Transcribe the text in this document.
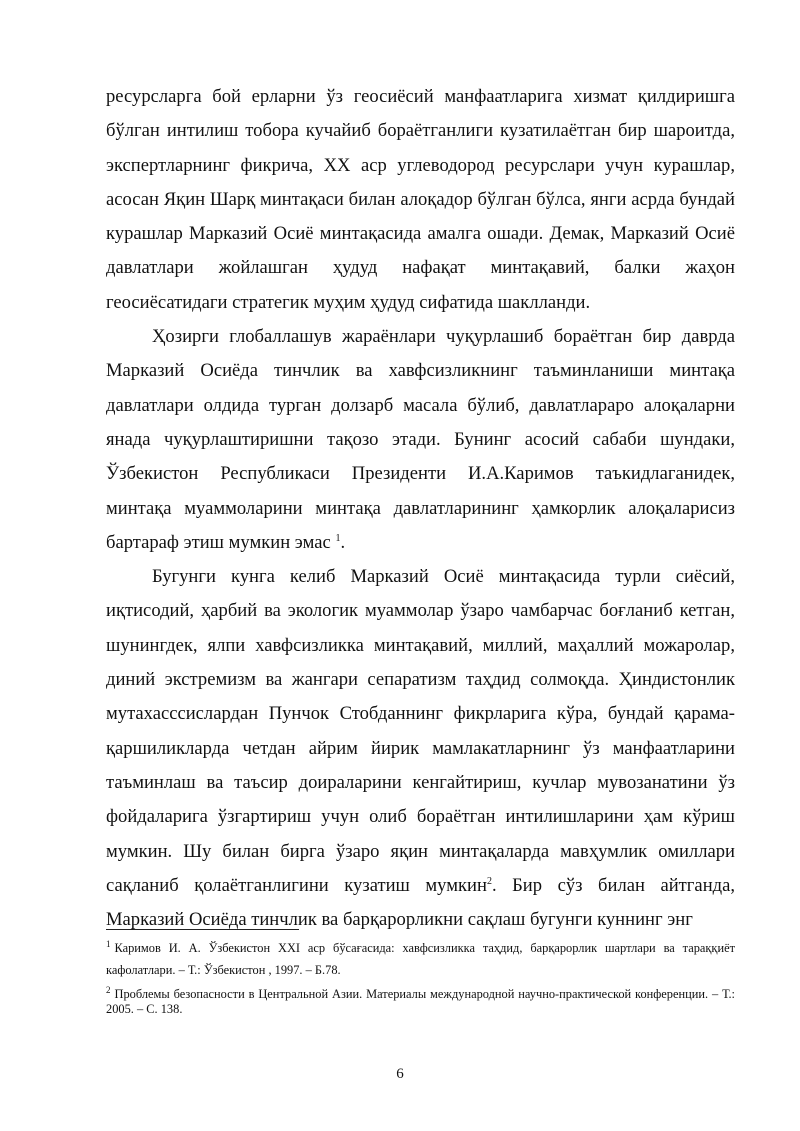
ресурсларга бой ерларни ўз геосиёсий манфаатларига хизмат қилдиришга бўлган интилиш тобора кучайиб бораётганлиги кузатилаётган бир шароитда, экспертларнинг фикрича, ХХ аср углеводород ресурслари учун курашлар, асосан Яқин Шарқ минтақаси билан алоқадор бўлган бўлса, янги асрда бундай курашлар Марказий Осиё минтақасида амалга ошади. Демак, Марказий Осиё давлатлари жойлашган ҳудуд нафақат минтақавий, балки жаҳон геосиёсатидаги стратегик муҳим ҳудуд сифатида шаклланди.

Ҳозирги глобаллашув жараёнлари чуқурлашиб бораётган бир даврда Марказий Осиёда тинчлик ва хавфсизликнинг таъминланиши минтақа давлатлари олдида турган долзарб масала бўлиб, давлатлараро алоқаларни янада чуқурлаштиришни тақозо этади. Бунинг асосий сабаби шундаки, Ўзбекистон Республикаси Президенти И.А.Каримов таъкидлаганидек, минтақа муаммоларини минтақа давлатларининг ҳамкорлик алоқаларисиз бартараф этиш мумкин эмас $^1$.

Бугунги кунга келиб Марказий Осиё минтақасида турли сиёсий, иқтисодий, ҳарбий ва экологик муаммолар ўзаро чамбарчас боғланиб кетган, шунингдек, ялпи хавфсизликка минтақавий, миллий, маҳаллий можаролар, диний экстремизм ва жангари сепаратизм таҳдид солмоқда. Ҳиндистонлик мутахасссислардан Пунчок Стобданнинг фикрларига кўра, бундай қарама-қаршиликларда четдан айрим йирик мамлакатларнинг ўз манфаатларини таъминлаш ва таъсир доираларини кенгайтириш, кучлар мувозанатини ўз фойдаларига ўзгартириш учун олиб бораётган интилишларини ҳам кўриш мумкин. Шу билан бирга ўзаро яқин минтақаларда мавҳумлик омиллари сақланиб қолаётганлигини кузатиш мумкин$^2$. Бир сўз билан айтганда, Марказий Осиёда тинчлик ва барқарорликни сақлаш бугунги куннинг энг

$^1$ Каримов И. А. Ўзбекистон XXI аср бўсағасида: хавфсизликка таҳдид, барқарорлик шартлари ва тараққиёт кафолатлари. – Т.: Ўзбекистон , 1997. – Б.78.

$^2$ Проблемы безопасности в Центральной Азии. Материалы международной научно-практической конференции. – Т.: 2005. – С. 138.

6
